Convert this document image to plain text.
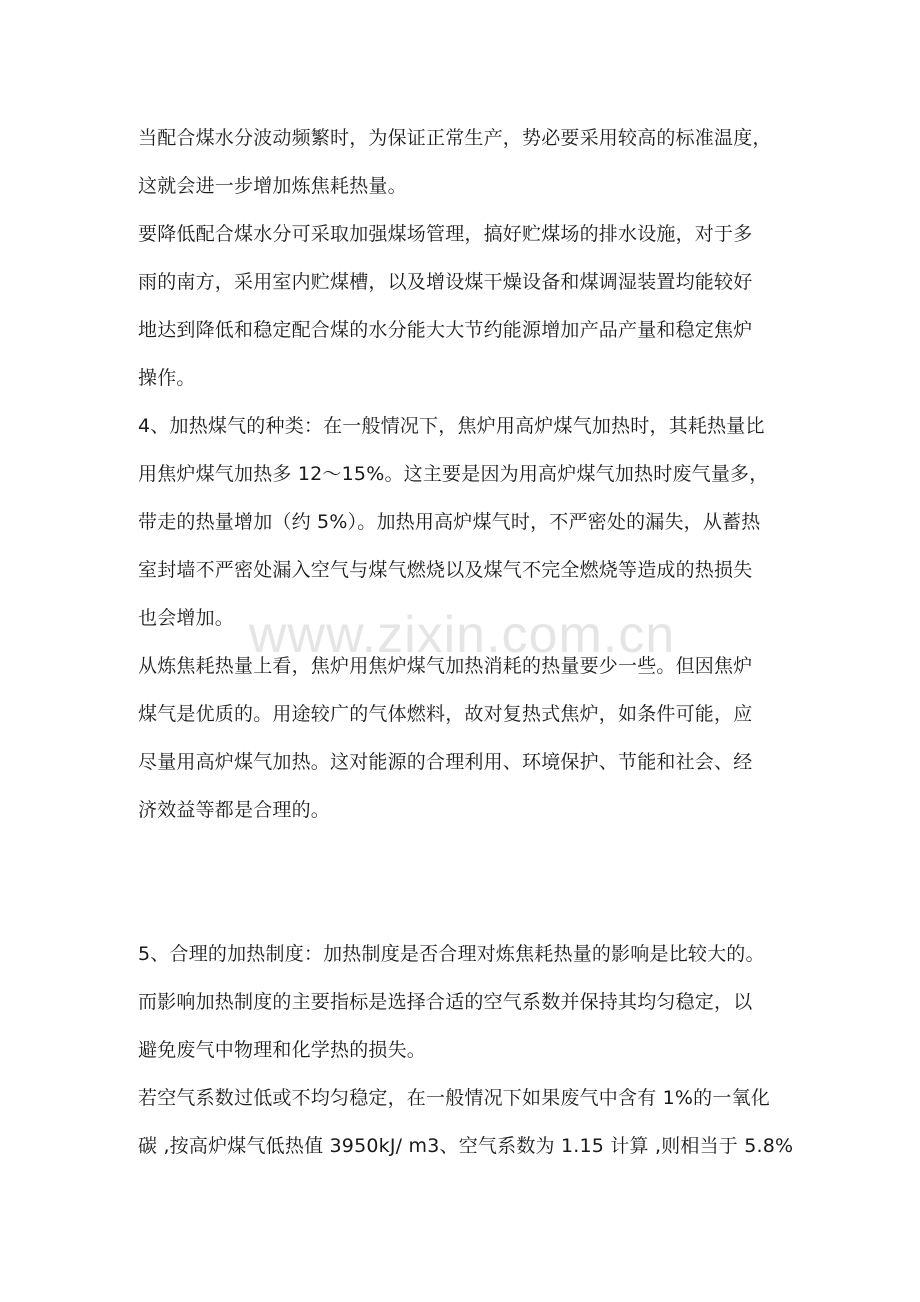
当配合煤水分波动频繁时，为保证正常生产，势必要采用较高的标准温度，
这就会进一步增加炼焦耗热量。
要降低配合煤水分可采取加强煤场管理，搞好贮煤场的排水设施，对于多
雨的南方，采用室内贮煤槽，以及增设煤干燥设备和煤调湿装置均能较好
地达到降低和稳定配合煤的水分能大大节约能源增加产品产量和稳定焦炉
操作。
4、加热煤气的种类：在一般情况下，焦炉用高炉煤气加热时，其耗热量比
用焦炉煤气加热多 12～15%。这主要是因为用高炉煤气加热时废气量多，
带走的热量增加（约 5%）。加热用高炉煤气时，不严密处的漏失，从蓄热
室封墙不严密处漏入空气与煤气燃烧以及煤气不完全燃烧等造成的热损失
也会增加。
从炼焦耗热量上看，焦炉用焦炉煤气加热消耗的热量要少一些。但因焦炉
煤气是优质的。用途较广的气体燃料，故对复热式焦炉，如条件可能，应
尽量用高炉煤气加热。这对能源的合理利用、环境保护、节能和社会、经
济效益等都是合理的。
5、合理的加热制度：加热制度是否合理对炼焦耗热量的影响是比较大的。
而影响加热制度的主要指标是选择合适的空气系数并保持其均匀稳定，以
避免废气中物理和化学热的损失。
若空气系数过低或不均匀稳定，在一般情况下如果废气中含有 1%的一氧化
碳 ,按高炉煤气低热值 3950kJ/ m3、空气系数为 1.15 计算 ,则相当于 5.8%
www.zixin.com.cn
